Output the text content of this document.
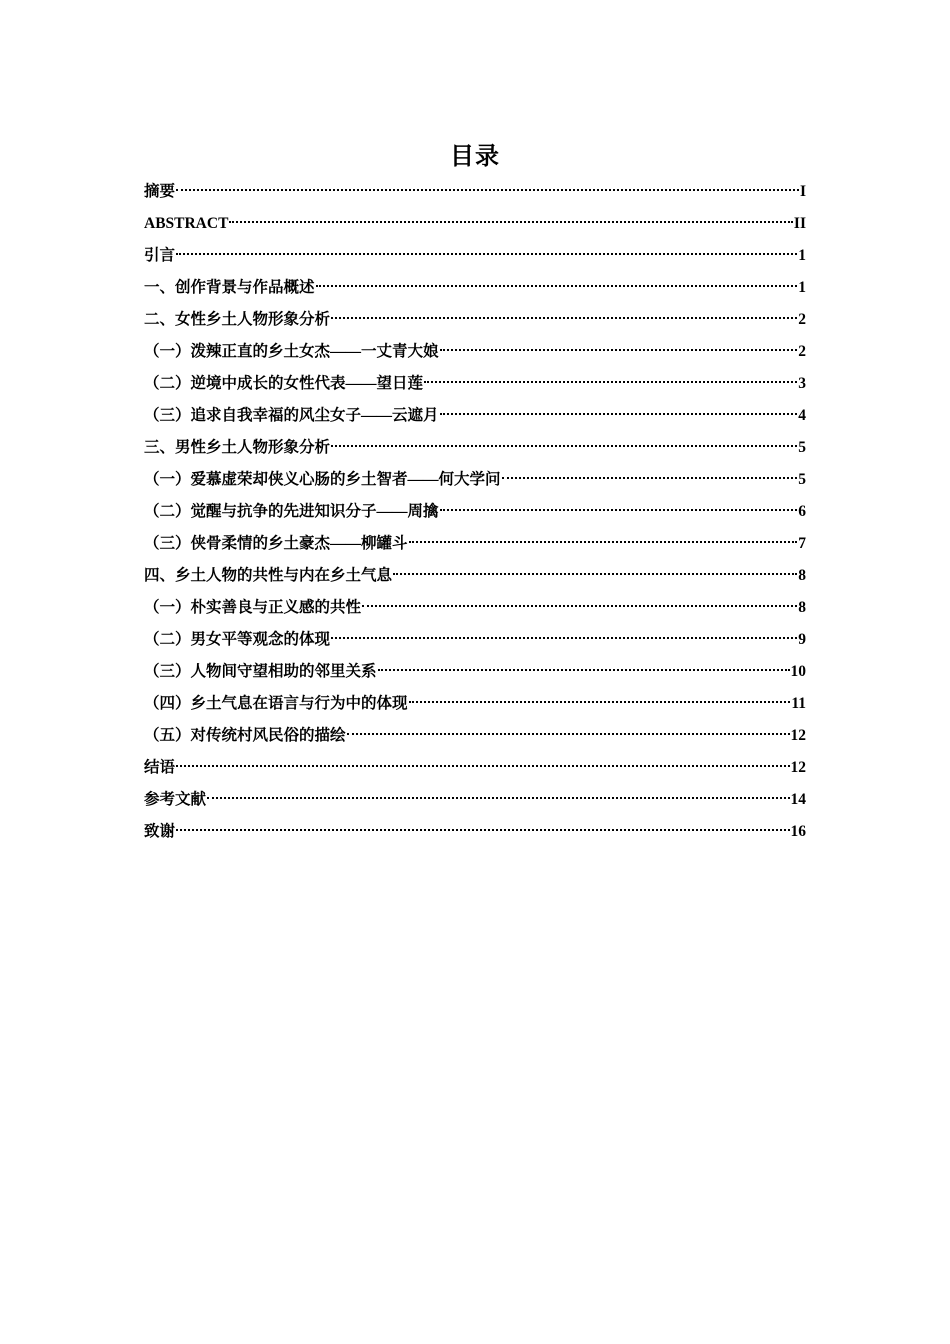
目录
摘要	I
ABSTRACT	II
引言	1
一、创作背景与作品概述	1
二、女性乡土人物形象分析	2
（一）泼辣正直的乡土女杰——一丈青大娘	2
（二）逆境中成长的女性代表——望日莲	3
（三）追求自我幸福的风尘女子——云遮月	4
三、男性乡土人物形象分析	5
（一）爱慕虚荣却侠义心肠的乡土智者——何大学问	5
（二）觉醒与抗争的先进知识分子——周擒	6
（三）侠骨柔情的乡土豪杰——柳罐斗	7
四、乡土人物的共性与内在乡土气息	8
（一）朴实善良与正义感的共性	8
（二）男女平等观念的体现	9
（三）人物间守望相助的邻里关系	10
（四）乡土气息在语言与行为中的体现	11
（五）对传统村风民俗的描绘	12
结语	12
参考文献	14
致谢	16
